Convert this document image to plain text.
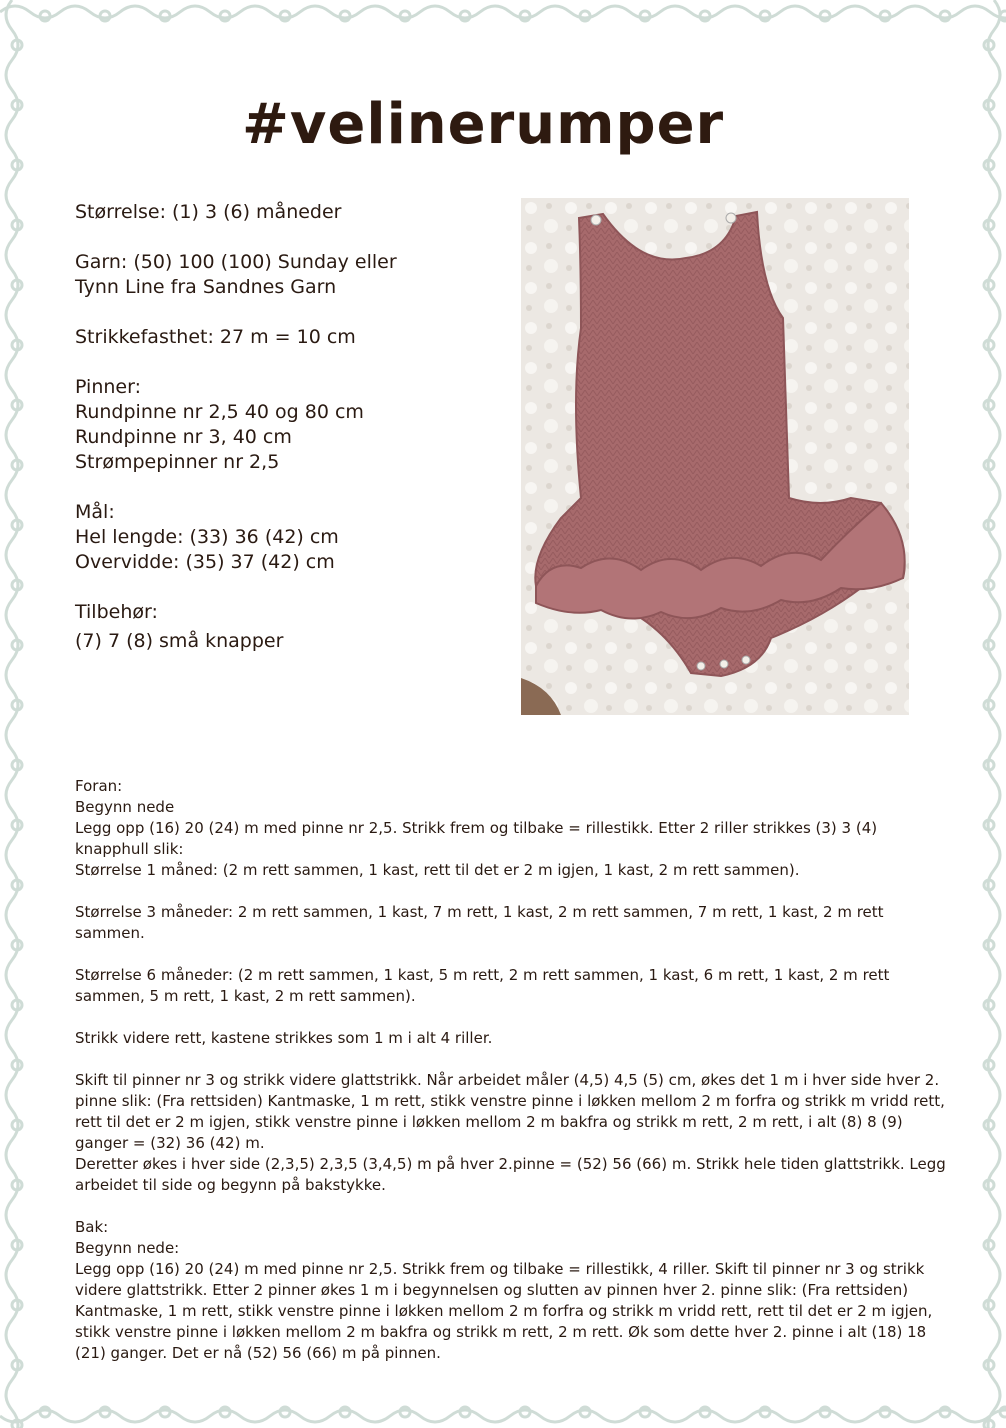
#velinerumper

Størrelse: (1) 3 (6) måneder

Garn: (50) 100 (100) Sunday eller
Tynn Line fra Sandnes Garn

Strikkefasthet: 27 m = 10 cm

Pinner:
Rundpinne nr 2,5 40 og 80 cm
Rundpinne nr 3, 40 cm
Strømpepinner nr 2,5

Mål:
Hel lengde: (33) 36 (42) cm
Overvidde: (35) 37 (42) cm

Tilbehør:
(7) 7 (8) små knapper

Foran:

Begynn nede

Legg opp (16) 20 (24) m med pinne nr 2,5. Strikk frem og tilbake = rillestikk. Etter 2 riller strikkes (3) 3 (4) knapphull slik:

Størrelse 1 måned: (2 m rett sammen, 1 kast, rett til det er 2 m igjen, 1 kast, 2 m rett sammen).

Størrelse 3 måneder: 2 m rett sammen, 1 kast, 7 m rett, 1 kast, 2 m rett sammen, 7 m rett, 1 kast, 2 m rett sammen.

Størrelse 6 måneder: (2 m rett sammen, 1 kast, 5 m rett, 2 m rett sammen, 1 kast, 6 m rett, 1 kast, 2 m rett sammen, 5 m rett, 1 kast, 2 m rett sammen).

Strikk videre rett, kastene strikkes som 1 m i alt 4 riller.

Skift til pinner nr 3 og strikk videre glattstrikk. Når arbeidet måler (4,5) 4,5 (5) cm, økes det 1 m i hver side hver 2. pinne slik: (Fra rettsiden) Kantmaske, 1 m rett, stikk venstre pinne i løkken mellom 2 m forfra og strikk m vridd rett, rett til det er 2 m igjen, stikk venstre pinne i løkken mellom 2 m bakfra og strikk m rett, 2 m rett, i alt (8) 8 (9) ganger = (32) 36 (42) m.

Deretter økes i hver side (2,3,5) 2,3,5 (3,4,5) m på hver 2.pinne = (52) 56 (66) m. Strikk hele tiden glattstrikk. Legg arbeidet til side og begynn på bakstykke.

Bak:

Begynn nede:

Legg opp (16) 20 (24) m med pinne nr 2,5. Strikk frem og tilbake = rillestikk, 4 riller. Skift til pinner nr 3 og strikk videre glattstrikk. Etter 2 pinner økes 1 m i begynnelsen og slutten av pinnen hver 2. pinne slik: (Fra rettsiden) Kantmaske, 1 m rett, stikk venstre pinne i løkken mellom 2 m forfra og strikk m vridd rett, rett til det er 2 m igjen, stikk venstre pinne i løkken mellom 2 m bakfra og strikk m rett, 2 m rett. Øk som dette hver 2. pinne i alt (18) 18 (21) ganger. Det er nå (52) 56 (66) m på pinnen.
